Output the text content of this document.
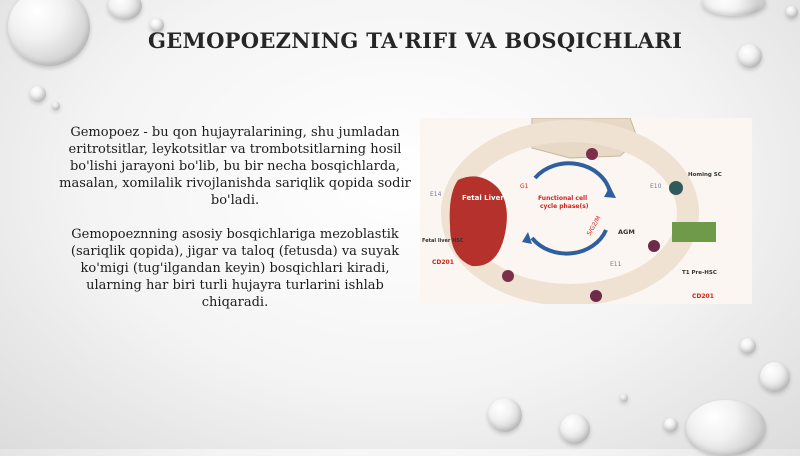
GEMOPOEZNING TA'RIFI VA BOSQICHLARI

Gemopoez - bu qon hujayralarining, shu jumladan eritrotsitlar, leykotsitlar va trombotsitlarning hosil bo'lishi jarayoni bo'lib, bu bir necha bosqichlarda, masalan, xomilalik rivojlanishda sariqlik qopida sodir bo'ladi.

Gemopoeznning asosiy bosqichlariga mezoblastik (sariqlik qopida), jigar va taloq (fetusda) va suyak ko'migi (tug'ilgandan keyin) bosqichlari kiradi, ularning har biri turli hujayra turlarini ishlab chiqaradi.

Bone Marrow
Fetal Liver	Functional cell
cycle phase(s)
G1
S/G2/M
E14
E10
E11
AGM
Homing SC
Fetal liver HSC
CD201
T1 Pre-HSC
CD201
